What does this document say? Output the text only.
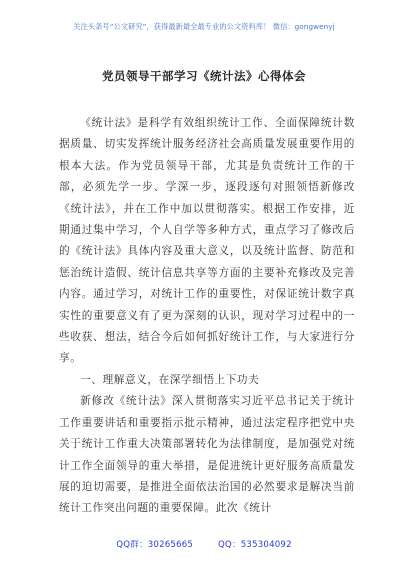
关注头条号“公文研究”，获得最新最全最专业的公文资料库！ 微信：gongwenyj
党员领导干部学习《统计法》心得体会

《统计法》是科学有效组织统计工作、全面保障统计数据质量、切实发挥统计服务经济社会高质量发展重要作用的根本大法。作为党员领导干部，尤其是负责统计工作的干部，必须先学一步、学深一步，逐段逐句对照领悟新修改《统计法》，并在工作中加以贯彻落实。根据工作安排，近期通过集中学习，个人自学等多种方式，重点学习了修改后的《统计法》具体内容及重大意义，以及统计监督、防范和惩治统计造假、统计信息共享等方面的主要补充修改及完善内容。通过学习，对统计工作的重要性，对保证统计数字真实性的重要意义有了更为深刻的认识，现对学习过程中的一些收获、想法，结合今后如何抓好统计工作，与大家进行分享。

一、理解意义，在深学细悟上下功夫

新修改《统计法》深入贯彻落实习近平总书记关于统计工作重要讲话和重要指示批示精神，通过法定程序把党中央关于统计工作重大决策部署转化为法律制度，是加强党对统计工作全面领导的重大举措，是促进统计更好服务高质量发展的迫切需要，是推进全面依法治国的必然要求是解决当前统计工作突出问题的重要保障。此次《统计

QQ群：30265665	QQ：535304092
